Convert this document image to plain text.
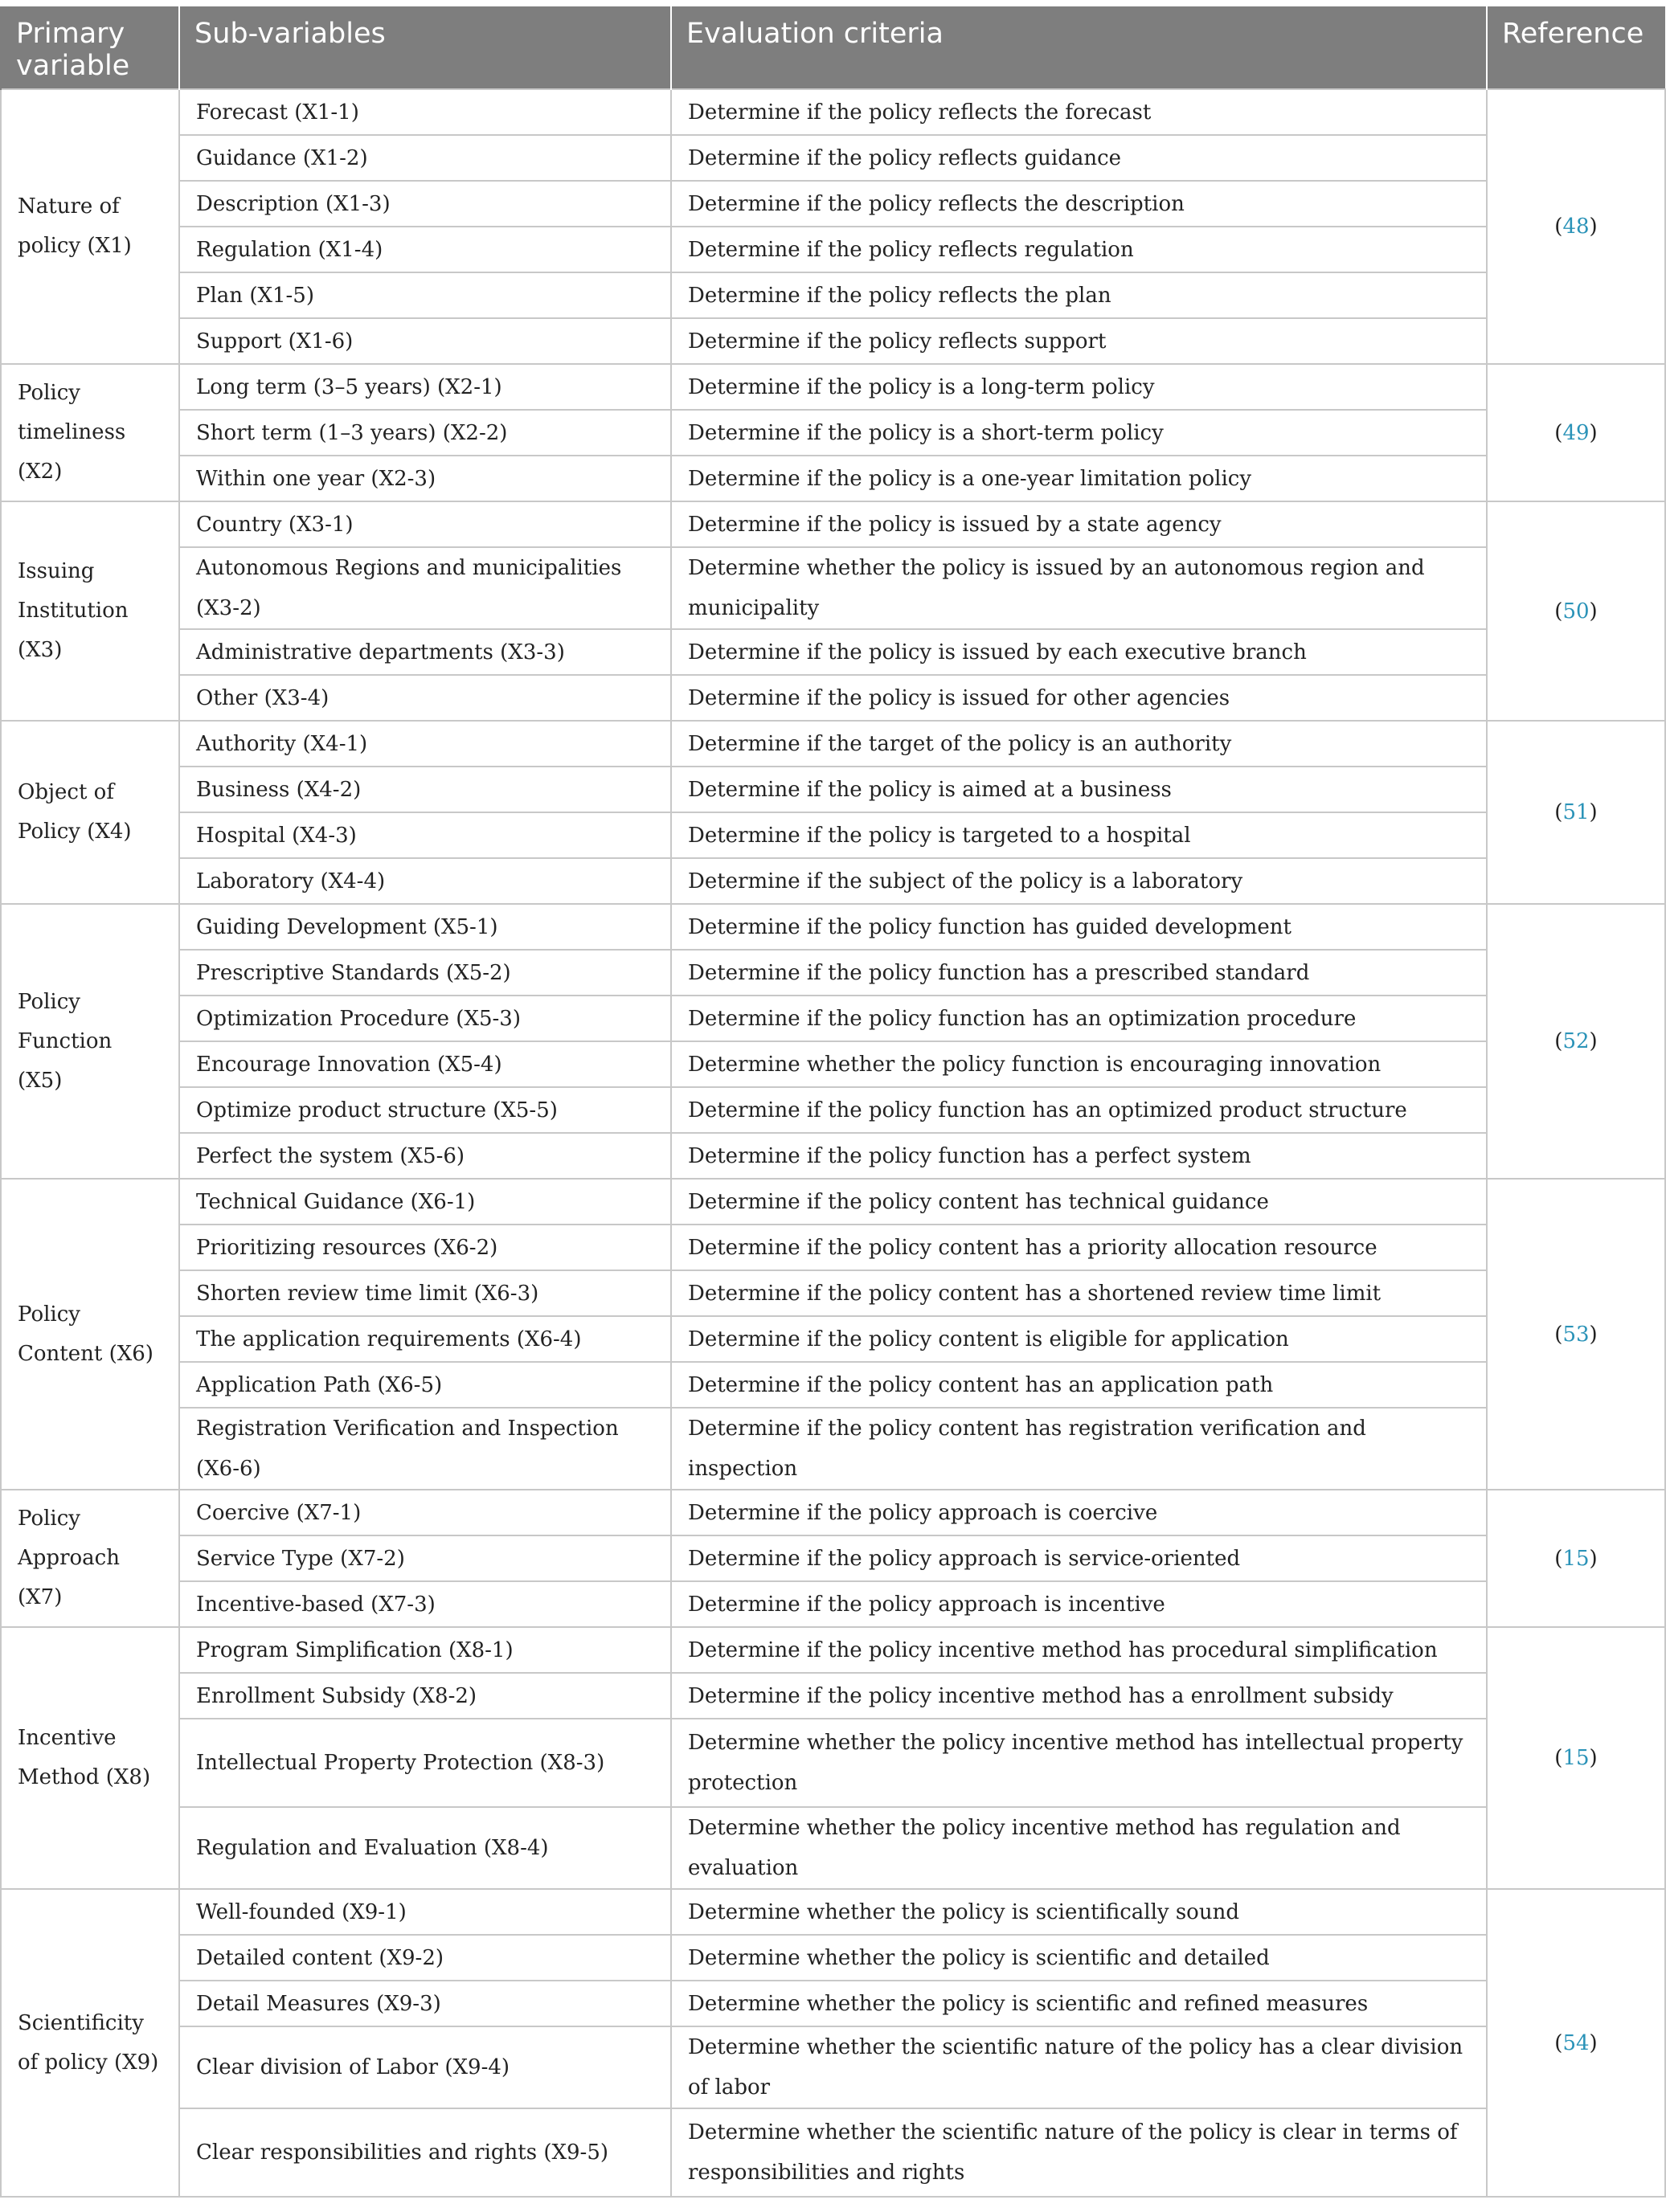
Primary variable	Sub-variables	Evaluation criteria	Reference
Nature of policy (X1)	Forecast (X1-1)	Determine if the policy reflects the forecast	(48)
	Guidance (X1-2)	Determine if the policy reflects guidance	
	Description (X1-3)	Determine if the policy reflects the description	
	Regulation (X1-4)	Determine if the policy reflects regulation	
	Plan (X1-5)	Determine if the policy reflects the plan	
	Support (X1-6)	Determine if the policy reflects support	
Policy timeliness (X2)	Long term (3–5 years) (X2-1)	Determine if the policy is a long-term policy	(49)
	Short term (1–3 years) (X2-2)	Determine if the policy is a short-term policy	
	Within one year (X2-3)	Determine if the policy is a one-year limitation policy	
Issuing Institution (X3)	Country (X3-1)	Determine if the policy is issued by a state agency	(50)
	Autonomous Regions and municipalities (X3-2)	Determine whether the policy is issued by an autonomous region and municipality	
	Administrative departments (X3-3)	Determine if the policy is issued by each executive branch	
	Other (X3-4)	Determine if the policy is issued for other agencies	
Object of Policy (X4)	Authority (X4-1)	Determine if the target of the policy is an authority	(51)
	Business (X4-2)	Determine if the policy is aimed at a business	
	Hospital (X4-3)	Determine if the policy is targeted to a hospital	
	Laboratory (X4-4)	Determine if the subject of the policy is a laboratory	
Policy Function (X5)	Guiding Development (X5-1)	Determine if the policy function has guided development	(52)
	Prescriptive Standards (X5-2)	Determine if the policy function has a prescribed standard	
	Optimization Procedure (X5-3)	Determine if the policy function has an optimization procedure	
	Encourage Innovation (X5-4)	Determine whether the policy function is encouraging innovation	
	Optimize product structure (X5-5)	Determine if the policy function has an optimized product structure	
	Perfect the system (X5-6)	Determine if the policy function has a perfect system	
Policy Content (X6)	Technical Guidance (X6-1)	Determine if the policy content has technical guidance	(53)
	Prioritizing resources (X6-2)	Determine if the policy content has a priority allocation resource	
	Shorten review time limit (X6-3)	Determine if the policy content has a shortened review time limit	
	The application requirements (X6-4)	Determine if the policy content is eligible for application	
	Application Path (X6-5)	Determine if the policy content has an application path	
	Registration Verification and Inspection (X6-6)	Determine if the policy content has registration verification and inspection	
Policy Approach (X7)	Coercive (X7-1)	Determine if the policy approach is coercive	(15)
	Service Type (X7-2)	Determine if the policy approach is service-oriented	
	Incentive-based (X7-3)	Determine if the policy approach is incentive	
Incentive Method (X8)	Program Simplification (X8-1)	Determine if the policy incentive method has procedural simplification	(15)
	Enrollment Subsidy (X8-2)	Determine if the policy incentive method has a enrollment subsidy	
	Intellectual Property Protection (X8-3)	Determine whether the policy incentive method has intellectual property protection	
	Regulation and Evaluation (X8-4)	Determine whether the policy incentive method has regulation and evaluation	
Scientificity of policy (X9)	Well-founded (X9-1)	Determine whether the policy is scientifically sound	(54)
	Detailed content (X9-2)	Determine whether the policy is scientific and detailed	
	Detail Measures (X9-3)	Determine whether the policy is scientific and refined measures	
	Clear division of Labor (X9-4)	Determine whether the scientific nature of the policy has a clear division of labor	
	Clear responsibilities and rights (X9-5)	Determine whether the scientific nature of the policy is clear in terms of responsibilities and rights	
